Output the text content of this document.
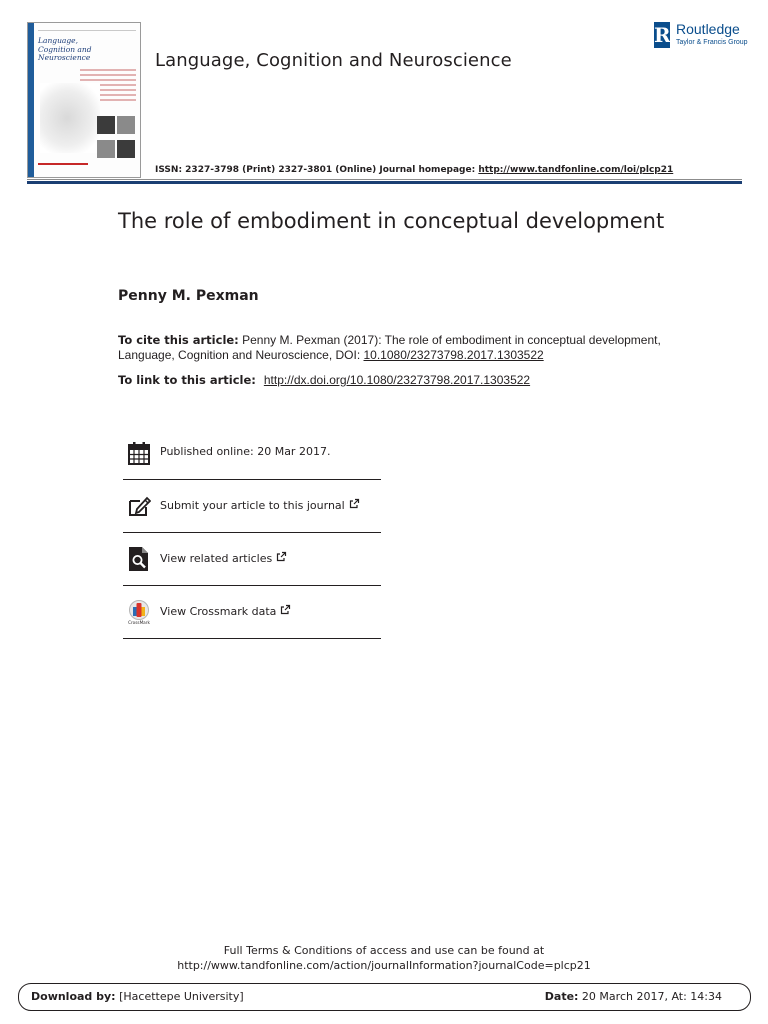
Language,
Cognition and
Neuroscience	Language, Cognition and Neuroscience
R Routledge
Taylor & Francis Group
ISSN: 2327-3798 (Print) 2327-3801 (Online) Journal homepage: http://www.tandfonline.com/loi/plcp21
The role of embodiment in conceptual development
Penny M. Pexman
To cite this article: Penny M. Pexman (2017): The role of embodiment in conceptual development, Language, Cognition and Neuroscience, DOI: 10.1080/23273798.2017.1303522
To link to this article: http://dx.doi.org/10.1080/23273798.2017.1303522
Published online: 20 Mar 2017.
Submit your article to this journal
View related articles
CrossMark
View Crossmark data
Full Terms & Conditions of access and use can be found at
http://www.tandfonline.com/action/journalInformation?journalCode=plcp21
Download by: [Hacettepe University]	Date: 20 March 2017, At: 14:34
